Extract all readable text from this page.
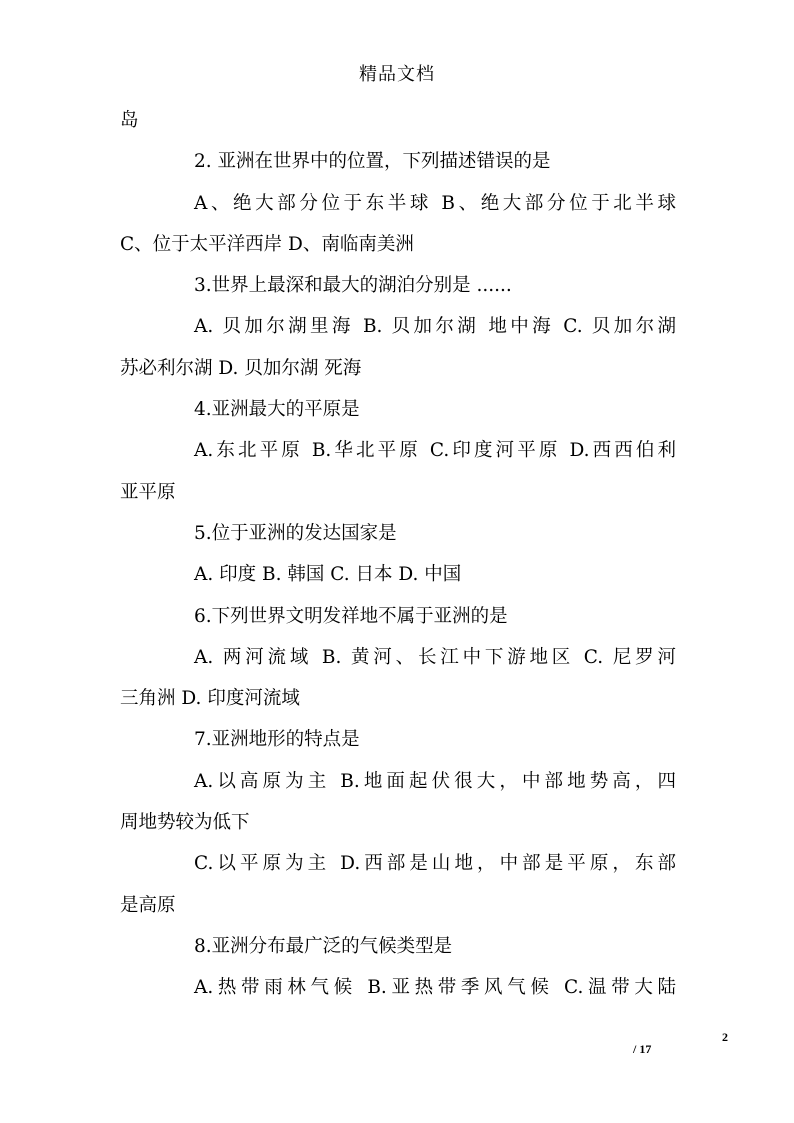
精品文档
岛
2. 亚洲在世界中的位置，下列描述错误的是
A、绝大部分位于东半球 B、绝大部分位于北半球
C、位于太平洋西岸 D、南临南美洲
3.世界上最深和最大的湖泊分别是 ......
A. 贝加尔湖里海 B. 贝加尔湖 地中海 C. 贝加尔湖
苏必利尔湖 D. 贝加尔湖 死海
4.亚洲最大的平原是
A.东北平原 B.华北平原 C.印度河平原 D.西西伯利
亚平原
5.位于亚洲的发达国家是
A. 印度 B. 韩国 C. 日本 D. 中国
6.下列世界文明发祥地不属于亚洲的是
A. 两河流域 B. 黄河、长江中下游地区 C. 尼罗河
三角洲 D. 印度河流域
7.亚洲地形的特点是
A.以高原为主 B.地面起伏很大，中部地势高，四
周地势较为低下
C.以平原为主 D.西部是山地，中部是平原，东部
是高原
8.亚洲分布最广泛的气候类型是
A.热带雨林气候 B.亚热带季风气候 C.温带大陆
2
/ 17
